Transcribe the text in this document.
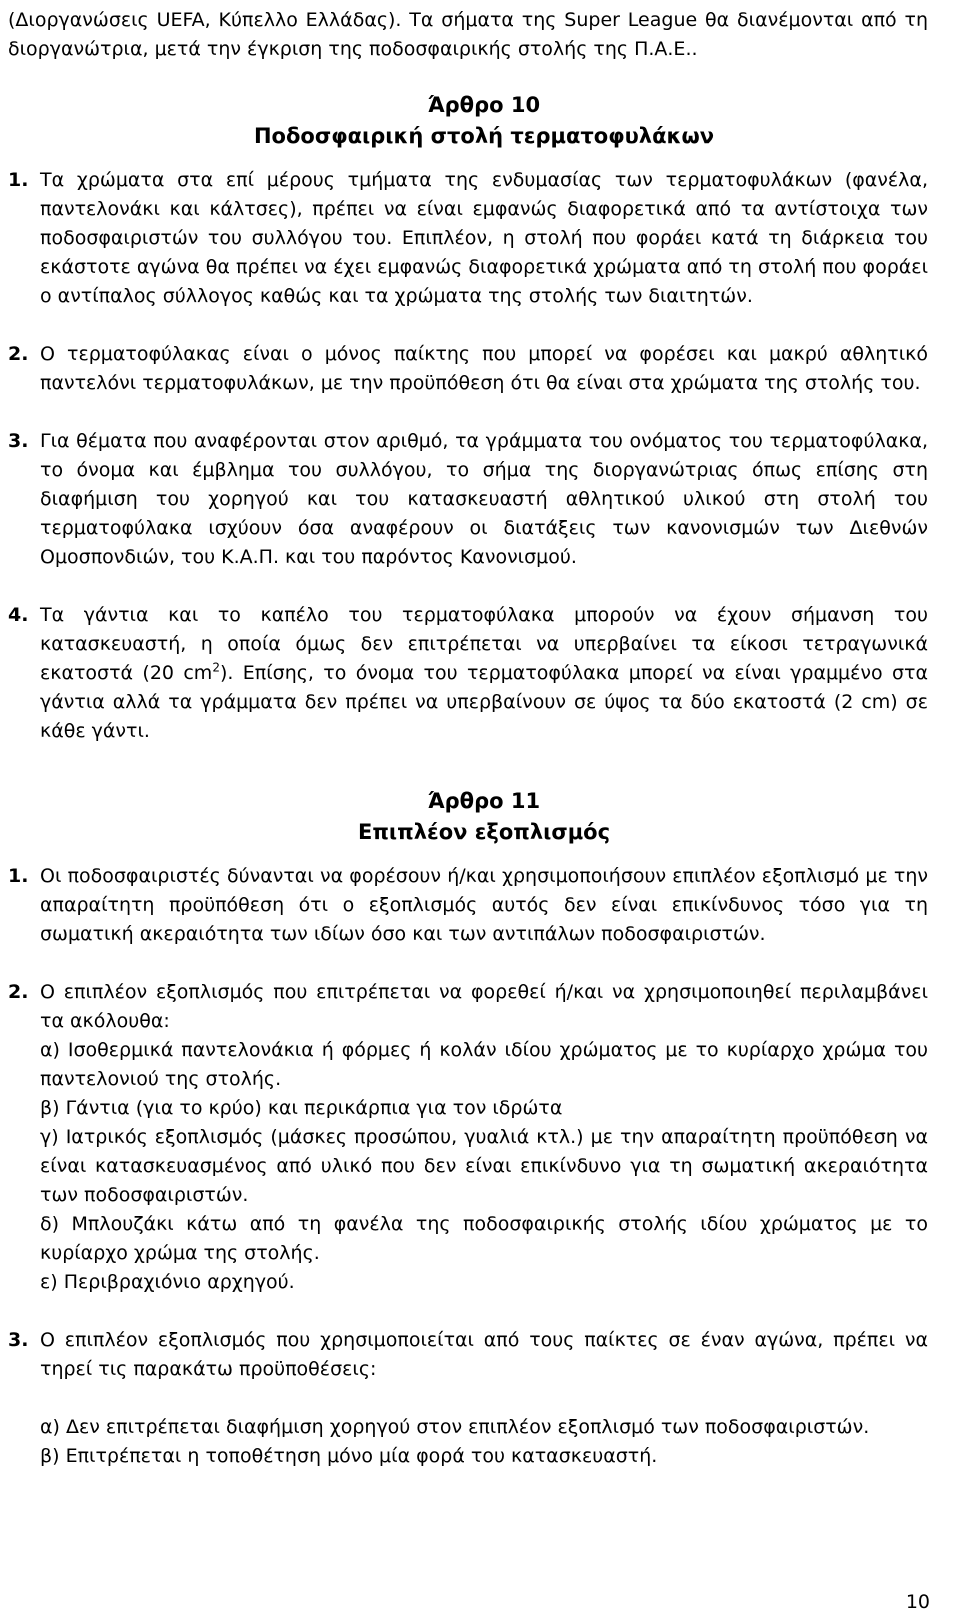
(Διοργανώσεις UEFA, Κύπελλο Ελλάδας). Τα σήματα της Super League θα διανέμονται από τη διοργανώτρια, μετά την έγκριση της ποδοσφαιρικής στολής της Π.Α.Ε..

Άρθρο 10

Ποδοσφαιρική στολή τερματοφυλάκων

1. Τα χρώματα στα επί μέρους τμήματα της ενδυμασίας των τερματοφυλάκων (φανέλα, παντελονάκι και κάλτσες), πρέπει να είναι εμφανώς διαφορετικά από τα αντίστοιχα των ποδοσφαιριστών του συλλόγου του. Επιπλέον, η στολή που φοράει κατά τη διάρκεια του εκάστοτε αγώνα θα πρέπει να έχει εμφανώς διαφορετικά χρώματα από τη στολή που φοράει ο αντίπαλος σύλλογος καθώς και τα χρώματα της στολής των διαιτητών.

2. Ο τερματοφύλακας είναι ο μόνος παίκτης που μπορεί να φορέσει και μακρύ αθλητικό παντελόνι τερματοφυλάκων, με την προϋπόθεση ότι θα είναι στα χρώματα της στολής του.

3. Για θέματα που αναφέρονται στον αριθμό, τα γράμματα του ονόματος του τερματοφύλακα, το όνομα και έμβλημα του συλλόγου, το σήμα της διοργανώτριας όπως επίσης στη διαφήμιση του χορηγού και του κατασκευαστή αθλητικού υλικού στη στολή του τερματοφύλακα ισχύουν όσα αναφέρουν οι διατάξεις των κανονισμών των Διεθνών Ομοσπονδιών, του Κ.Α.Π. και του παρόντος Κανονισμού.

4. Τα γάντια και το καπέλο του τερματοφύλακα μπορούν να έχουν σήμανση του κατασκευαστή, η οποία όμως δεν επιτρέπεται να υπερβαίνει τα είκοσι τετραγωνικά εκατοστά (20 $cm^2$). Επίσης, το όνομα του τερματοφύλακα μπορεί να είναι γραμμένο στα γάντια αλλά τα γράμματα δεν πρέπει να υπερβαίνουν σε ύψος τα δύο εκατοστά (2 cm) σε κάθε γάντι.

Άρθρο 11

Επιπλέον εξοπλισμός

1. Οι ποδοσφαιριστές δύνανται να φορέσουν ή/και χρησιμοποιήσουν επιπλέον εξοπλισμό με την απαραίτητη προϋπόθεση ότι ο εξοπλισμός αυτός δεν είναι επικίνδυνος τόσο για τη σωματική ακεραιότητα των ιδίων όσο και των αντιπάλων ποδοσφαιριστών.

2. Ο επιπλέον εξοπλισμός που επιτρέπεται να φορεθεί ή/και να χρησιμοποιηθεί περιλαμβάνει τα ακόλουθα:

α) Ισοθερμικά παντελονάκια ή φόρμες ή κολάν ιδίου χρώματος με το κυρίαρχο χρώμα του παντελονιού της στολής.

β) Γάντια (για το κρύο) και περικάρπια για τον ιδρώτα

γ) Ιατρικός εξοπλισμός (μάσκες προσώπου, γυαλιά κτλ.) με την απαραίτητη προϋπόθεση να είναι κατασκευασμένος από υλικό που δεν είναι επικίνδυνο για τη σωματική ακεραιότητα των ποδοσφαιριστών.

δ) Μπλουζάκι κάτω από τη φανέλα της ποδοσφαιρικής στολής ιδίου χρώματος με το κυρίαρχο χρώμα της στολής.

ε) Περιβραχιόνιο αρχηγού.

3. Ο επιπλέον εξοπλισμός που χρησιμοποιείται από τους παίκτες σε έναν αγώνα, πρέπει να τηρεί τις παρακάτω προϋποθέσεις:

α) Δεν επιτρέπεται διαφήμιση χορηγού στον επιπλέον εξοπλισμό των ποδοσφαιριστών.

β) Επιτρέπεται η τοποθέτηση μόνο μία φορά του κατασκευαστή.

10
